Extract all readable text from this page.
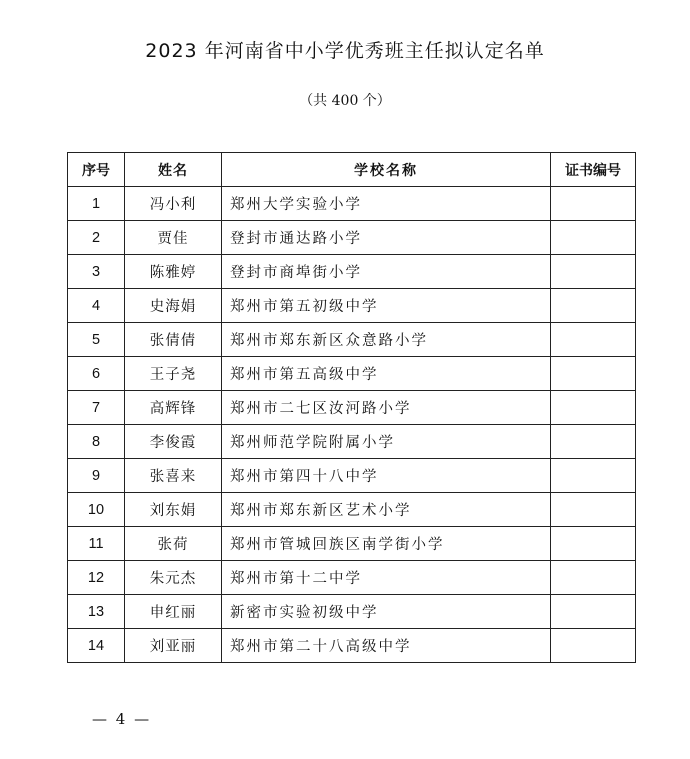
2023 年河南省中小学优秀班主任拟认定名单
（共 400 个）
序号	姓名	学校名称	证书编号
1	冯小利	郑州大学实验小学	
2	贾佳	登封市通达路小学	
3	陈雅婷	登封市商埠街小学	
4	史海娟	郑州市第五初级中学	
5	张倩倩	郑州市郑东新区众意路小学	
6	王子尧	郑州市第五高级中学	
7	高辉锋	郑州市二七区汝河路小学	
8	李俊霞	郑州师范学院附属小学	
9	张喜来	郑州市第四十八中学	
10	刘东娟	郑州市郑东新区艺术小学	
11	张荷	郑州市管城回族区南学街小学	
12	朱元杰	郑州市第十二中学	
13	申红丽	新密市实验初级中学	
14	刘亚丽	郑州市第二十八高级中学	
— 4 —
